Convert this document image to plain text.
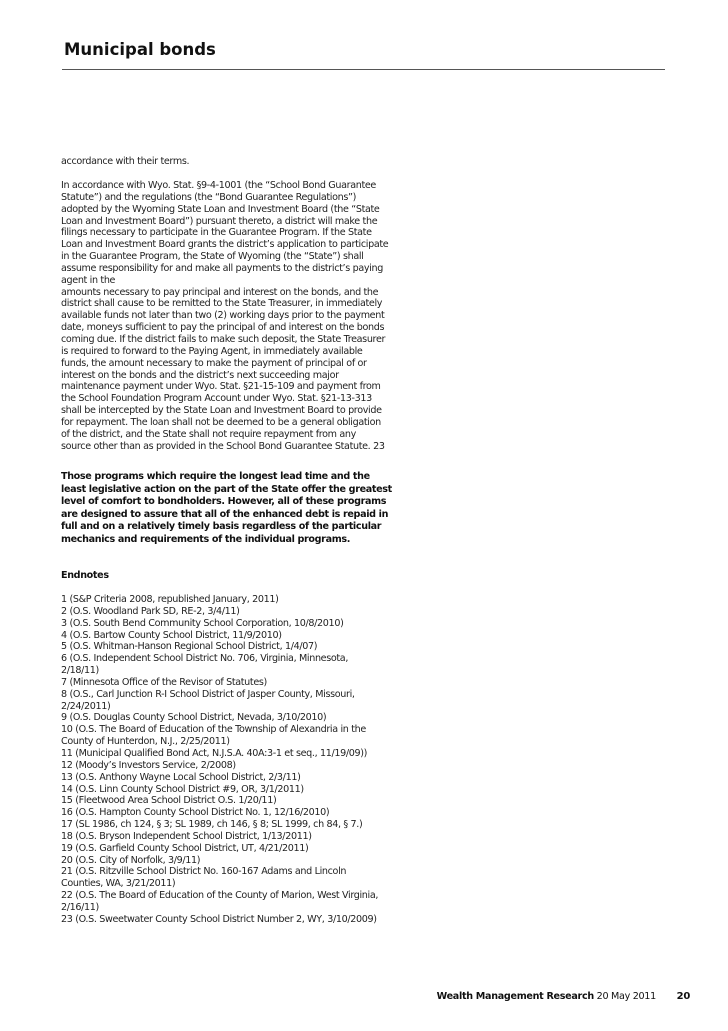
Municipal bonds
accordance with their terms.
In accordance with Wyo. Stat. §9-4-1001 (the “School Bond Guarantee
Statute”) and the regulations (the “Bond Guarantee Regulations”)
adopted by the Wyoming State Loan and Investment Board (the “State
Loan and Investment Board”) pursuant thereto, a district will make the
filings necessary to participate in the Guarantee Program. If the State
Loan and Investment Board grants the district’s application to participate
in the Guarantee Program, the State of Wyoming (the “State”) shall
assume responsibility for and make all payments to the district’s paying
agent in the
amounts necessary to pay principal and interest on the bonds, and the
district shall cause to be remitted to the State Treasurer, in immediately
available funds not later than two (2) working days prior to the payment
date, moneys sufficient to pay the principal of and interest on the bonds
coming due. If the district fails to make such deposit, the State Treasurer
is required to forward to the Paying Agent, in immediately available
funds, the amount necessary to make the payment of principal of or
interest on the bonds and the district’s next succeeding major
maintenance payment under Wyo. Stat. §21-15-109 and payment from
the School Foundation Program Account under Wyo. Stat. §21-13-313
shall be intercepted by the State Loan and Investment Board to provide
for repayment. The loan shall not be deemed to be a general obligation
of the district, and the State shall not require repayment from any
source other than as provided in the School Bond Guarantee Statute. 23
Those programs which require the longest lead time and the
least legislative action on the part of the State offer the greatest
level of comfort to bondholders. However, all of these programs
are designed to assure that all of the enhanced debt is repaid in
full and on a relatively timely basis regardless of the particular
mechanics and requirements of the individual programs.
Endnotes
1 (S&P Criteria 2008, republished January, 2011)
2 (O.S. Woodland Park SD, RE-2, 3/4/11)
3 (O.S. South Bend Community School Corporation, 10/8/2010)
4 (O.S. Bartow County School District, 11/9/2010)
5 (O.S. Whitman-Hanson Regional School District, 1/4/07)
6 (O.S. Independent School District No. 706, Virginia, Minnesota,
2/18/11)
7 (Minnesota Office of the Revisor of Statutes)
8 (O.S., Carl Junction R-I School District of Jasper County, Missouri,
2/24/2011)
9 (O.S. Douglas County School District, Nevada, 3/10/2010)
10 (O.S. The Board of Education of the Township of Alexandria in the
County of Hunterdon, N.J., 2/25/2011)
11 (Municipal Qualified Bond Act, N.J.S.A. 40A:3-1 et seq., 11/19/09))
12 (Moody’s Investors Service, 2/2008)
13 (O.S. Anthony Wayne Local School District, 2/3/11)
14 (O.S. Linn County School District #9, OR, 3/1/2011)
15 (Fleetwood Area School District O.S. 1/20/11)
16 (O.S. Hampton County School District No. 1, 12/16/2010)
17 (SL 1986, ch 124, § 3; SL 1989, ch 146, § 8; SL 1999, ch 84, § 7.)
18 (O.S. Bryson Independent School District, 1/13/2011)
19 (O.S. Garfield County School District, UT, 4/21/2011)
20 (O.S. City of Norfolk, 3/9/11)
21 (O.S. Ritzville School District No. 160-167 Adams and Lincoln
Counties, WA, 3/21/2011)
22 (O.S. The Board of Education of the County of Marion, West Virginia,
2/16/11)
23 (O.S. Sweetwater County School District Number 2, WY, 3/10/2009)
Wealth Management Research 20 May 2011 20
